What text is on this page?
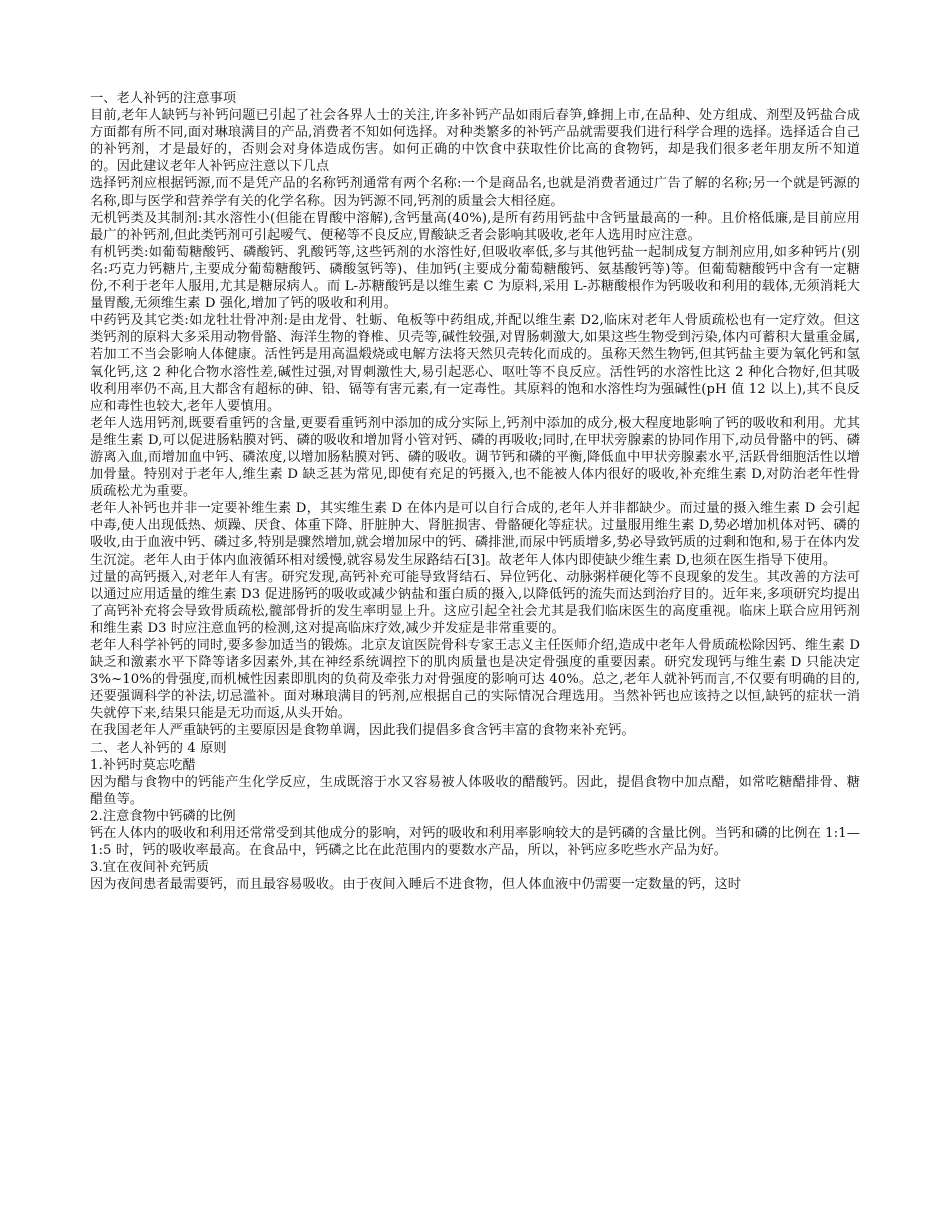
一、老人补钙的注意事项

目前,老年人缺钙与补钙问题已引起了社会各界人士的关注,许多补钙产品如雨后春笋,蜂拥上市,在品种、处方组成、剂型及钙盐合成方面都有所不同,面对琳琅满目的产品,消费者不知如何选择。对种类繁多的补钙产品就需要我们进行科学合理的选择。选择适合自己的补钙剂，才是最好的，否则会对身体造成伤害。如何正确的中饮食中获取性价比高的食物钙，却是我们很多老年朋友所不知道的。因此建议老年人补钙应注意以下几点

选择钙剂应根据钙源,而不是凭产品的名称钙剂通常有两个名称:一个是商品名,也就是消费者通过广告了解的名称;另一个就是钙源的名称,即与医学和营养学有关的化学名称。因为钙源不同,钙剂的质量会大相径庭。

无机钙类及其制剂:其水溶性小(但能在胃酸中溶解),含钙量高(40%),是所有药用钙盐中含钙量最高的一种。且价格低廉,是目前应用最广的补钙剂,但此类钙剂可引起嗳气、便秘等不良反应,胃酸缺乏者会影响其吸收,老年人选用时应注意。

有机钙类:如葡萄糖酸钙、磷酸钙、乳酸钙等,这些钙剂的水溶性好,但吸收率低,多与其他钙盐一起制成复方制剂应用,如多种钙片(别名:巧克力钙糖片,主要成分葡萄糖酸钙、磷酸氢钙等)、佳加钙(主要成分葡萄糖酸钙、氨基酸钙等)等。但葡萄糖酸钙中含有一定糖份,不利于老年人服用,尤其是糖尿病人。而 L-苏糖酸钙是以维生素 C 为原料,采用 L-苏糖酸根作为钙吸收和利用的载体,无须消耗大量胃酸,无须维生素 D 强化,增加了钙的吸收和利用。

中药钙及其它类:如龙牡壮骨冲剂:是由龙骨、牡蛎、龟板等中药组成,并配以维生素 D2,临床对老年人骨质疏松也有一定疗效。但这类钙剂的原料大多采用动物骨骼、海洋生物的脊椎、贝壳等,碱性较强,对胃肠刺激大,如果这些生物受到污染,体内可蓄积大量重金属,若加工不当会影响人体健康。活性钙是用高温煅烧或电解方法将天然贝壳转化而成的。虽称天然生物钙,但其钙盐主要为氧化钙和氢氧化钙,这 2 种化合物水溶性差,碱性过强,对胃刺激性大,易引起恶心、呕吐等不良反应。活性钙的水溶性比这 2 种化合物好,但其吸收利用率仍不高,且大都含有超标的砷、铅、镉等有害元素,有一定毒性。其原料的饱和水溶性均为强碱性(pH 值 12 以上),其不良反应和毒性也较大,老年人要慎用。

老年人选用钙剂,既要看重钙的含量,更要看重钙剂中添加的成分实际上,钙剂中添加的成分,极大程度地影响了钙的吸收和利用。尤其是维生素 D,可以促进肠粘膜对钙、磷的吸收和增加肾小管对钙、磷的再吸收;同时,在甲状旁腺素的协同作用下,动员骨骼中的钙、磷游离入血,而增加血中钙、磷浓度,以增加肠粘膜对钙、磷的吸收。调节钙和磷的平衡,降低血中甲状旁腺素水平,活跃骨细胞活性以增加骨量。特别对于老年人,维生素 D 缺乏甚为常见,即使有充足的钙摄入,也不能被人体内很好的吸收,补充维生素 D,对防治老年性骨质疏松尤为重要。

老年人补钙也并非一定要补维生素 D，其实维生素 D 在体内是可以自行合成的,老年人并非都缺少。而过量的摄入维生素 D 会引起中毒,使人出现低热、烦躁、厌食、体重下降、肝脏肿大、肾脏损害、骨骼硬化等症状。过量服用维生素 D,势必增加机体对钙、磷的吸收,由于血液中钙、磷过多,特别是骤然增加,就会增加尿中的钙、磷排泄,而尿中钙质增多,势必导致钙质的过剩和饱和,易于在体内发生沉淀。老年人由于体内血液循环相对缓慢,就容易发生尿路结石[3]。故老年人体内即使缺少维生素 D,也须在医生指导下使用。

过量的高钙摄入,对老年人有害。研究发现,高钙补充可能导致肾结石、异位钙化、动脉粥样硬化等不良现象的发生。其改善的方法可以通过应用适量的维生素 D3 促进肠钙的吸收或减少钠盐和蛋白质的摄入,以降低钙的流失而达到治疗目的。近年来,多项研究均提出了高钙补充将会导致骨质疏松,髋部骨折的发生率明显上升。这应引起全社会尤其是我们临床医生的高度重视。临床上联合应用钙剂和维生素 D3 时应注意血钙的检测,这对提高临床疗效,减少并发症是非常重要的。

老年人科学补钙的同时,要多参加适当的锻炼。北京友谊医院骨科专家王志义主任医师介绍,造成中老年人骨质疏松除因钙、维生素 D 缺乏和激素水平下降等诸多因素外,其在神经系统调控下的肌肉质量也是决定骨强度的重要因素。研究发现钙与维生素 D 只能决定 3%~10%的骨强度,而机械性因素即肌肉的负荷及牵张力对骨强度的影响可达 40%。总之,老年人就补钙而言,不仅要有明确的目的,还要强调科学的补法,切忌滥补。面对琳琅满目的钙剂,应根据自己的实际情况合理选用。当然补钙也应该持之以恒,缺钙的症状一消失就停下来,结果只能是无功而返,从头开始。

在我国老年人严重缺钙的主要原因是食物单调，因此我们提倡多食含钙丰富的食物来补充钙。

二、老人补钙的 4 原则

1.补钙时莫忘吃醋

因为醋与食物中的钙能产生化学反应，生成既溶于水又容易被人体吸收的醋酸钙。因此，提倡食物中加点醋，如常吃糖醋排骨、糖醋鱼等。

2.注意食物中钙磷的比例

钙在人体内的吸收和利用还常常受到其他成分的影响，对钙的吸收和利用率影响较大的是钙磷的含量比例。当钙和磷的比例在 1:1—1:5 时，钙的吸收率最高。在食品中，钙磷之比在此范围内的要数水产品，所以，补钙应多吃些水产品为好。

3.宜在夜间补充钙质

因为夜间患者最需要钙，而且最容易吸收。由于夜间入睡后不进食物，但人体血液中仍需要一定数量的钙，这时
